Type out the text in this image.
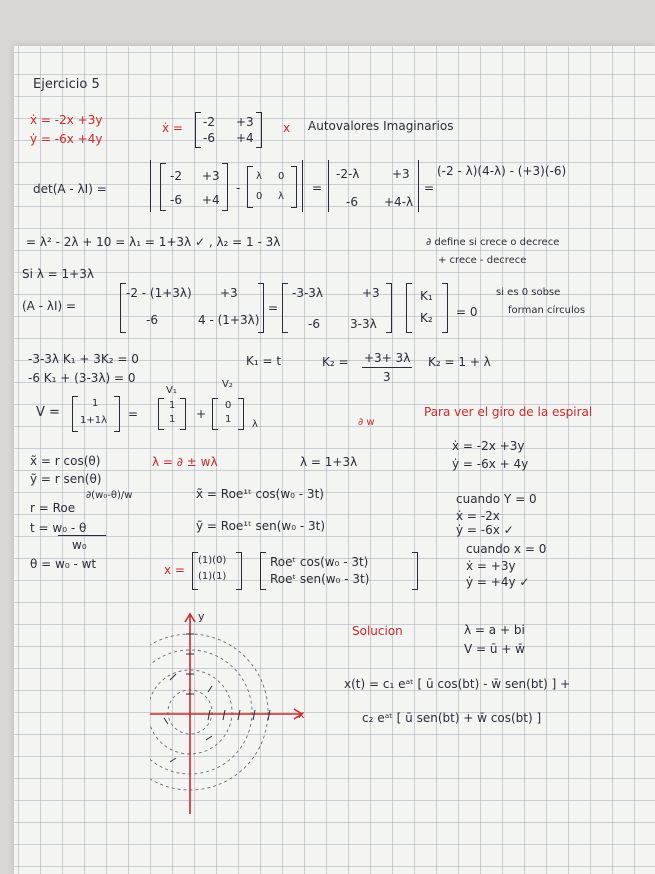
Ejercicio 5
ẋ = -2x +3y
ẏ = -6x +4y
ẋ = -2 +3
-6 +4
x Autovalores Imaginarios
det(A - λI) =
-2 +3
-6 +4
-
λ 0
0 λ
=
-2-λ	+3
-6 +4-λ
=
(-2 - λ)(4-λ) - (+3)(-6)
= λ² - 2λ + 10 = λ₁ = 1+3λ ✓ , λ₂ = 1 - 3λ	∂ define si crece o decrece
+ crece - decrece
Si λ = 1+3λ
(A - λI) =
-2 - (1+3λ) +3
-6	4 - (1+3λ)
=
-3-3λ	+3
-6	3-3λ
K₁
K₂ = 0
si es 0 sobse
forman círculos
-3-3λ K₁ + 3K₂ = 0
-6 K₁ + (3-3λ) = 0
K₁ = t	K₂ = +3+ 3λ
3
K₂ = 1 + λ
V =
1
1+1λ =
V₁
1
1 +
V₂
0
1 λ
Para ver el giro de la espiral
x̃ = r cos(θ)
ỹ = r sen(θ)
r = Roe
∂(w₀-θ)/w
t = w₀ - θ
w₀
θ = w₀ - wt
λ = ∂ ± wλ
∂ w
λ = 1+3λ
x̃ = Roe¹ᵗ cos(w₀ - 3t)
ỹ = Roe¹ᵗ sen(w₀ - 3t)
x =
(1)(0)
(1)(1)
Roeᵗ cos(w₀ - 3t)
Roeᵗ sen(w₀ - 3t)
ẋ = -2x +3y
ẏ = -6x + 4y
cuando Y = 0
ẋ = -2x
ẏ = -6x ✓
cuando x = 0
ẋ = +3y
ẏ = +4y ✓
Solucion	λ = a + bi
V = ū + w̄
x(t) = c₁ eᵃᵗ [ ū cos(bt) - w̄ sen(bt) ] +
c₂ eᵃᵗ [ ū sen(bt) + w̄ cos(bt) ]
y
x
